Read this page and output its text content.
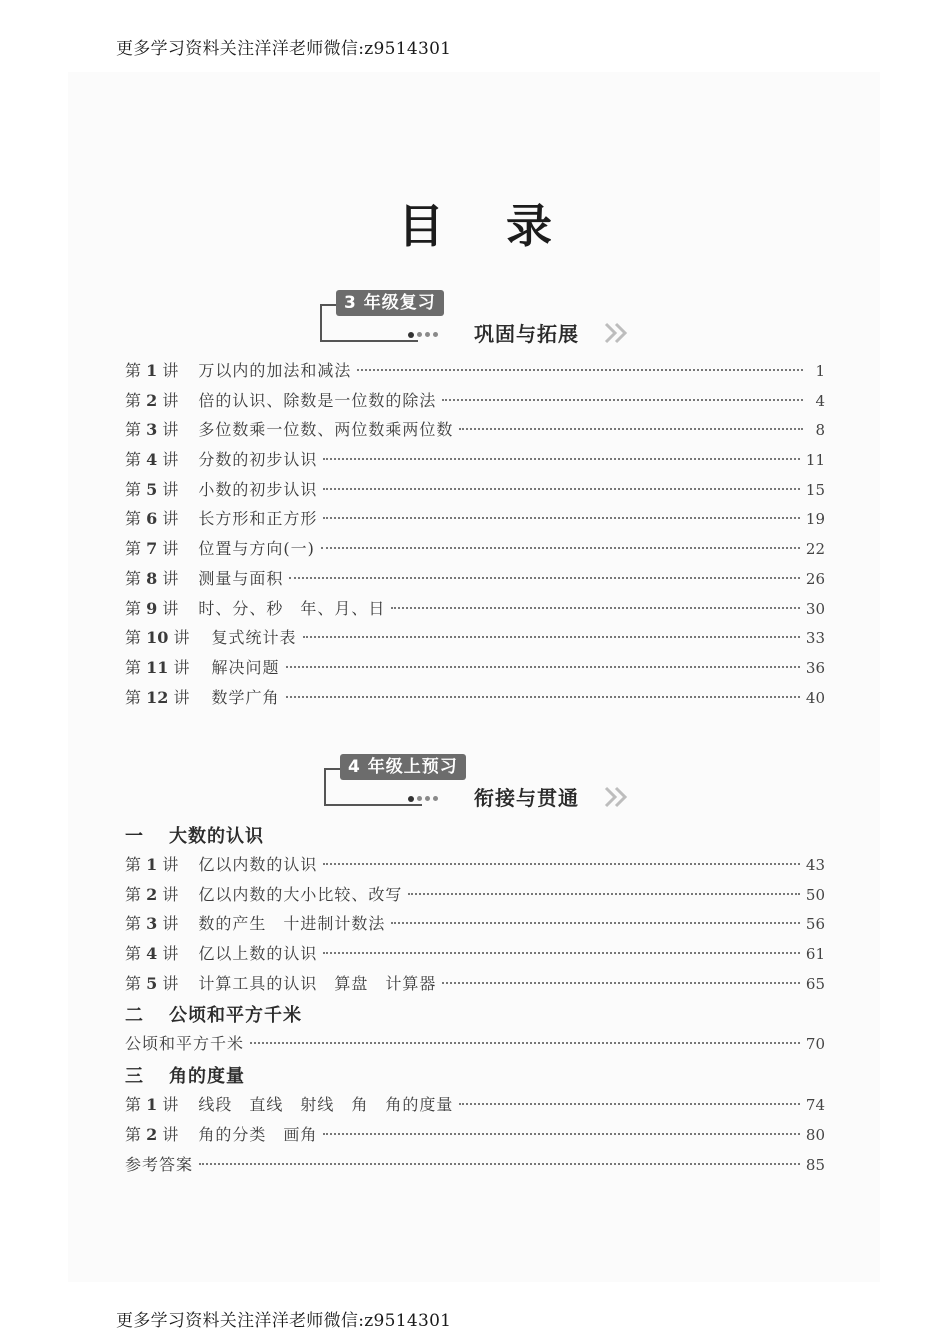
更多学习资料关注洋洋老师微信:z9514301
目录
3 年级复习
巩固与拓展
第 1 讲 万以内的加法和减法	1
第 2 讲 倍的认识、除数是一位数的除法	4
第 3 讲 多位数乘一位数、两位数乘两位数	8
第 4 讲 分数的初步认识	11
第 5 讲 小数的初步认识	15
第 6 讲 长方形和正方形	19
第 7 讲 位置与方向(一)	22
第 8 讲 测量与面积	26
第 9 讲 时、分、秒　年、月、日	30
第 10 讲 复式统计表	33
第 11 讲 解决问题	36
第 12 讲 数学广角	40
4 年级上预习
衔接与贯通
一 大数的认识
第 1 讲 亿以内数的认识	43
第 2 讲 亿以内数的大小比较、改写	50
第 3 讲 数的产生　十进制计数法	56
第 4 讲 亿以上数的认识	61
第 5 讲 计算工具的认识　算盘　计算器	65
二 公顷和平方千米
公顷和平方千米	70
三 角的度量
第 1 讲 线段　直线　射线　角　角的度量	74
第 2 讲 角的分类　画角	80
参考答案	85
更多学习资料关注洋洋老师微信:z9514301
